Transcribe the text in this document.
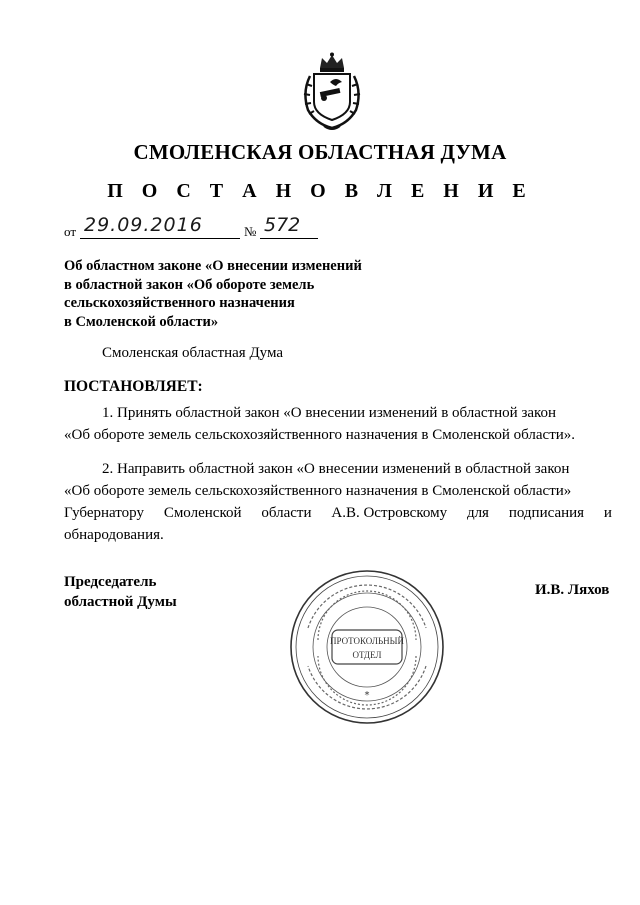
СМОЛЕНСКАЯ ОБЛАСТНАЯ ДУМА
П О С Т А Н О В Л Е Н И Е
от 29.09.2016	№ 572
Об областном законе «О внесении изменений
в областной закон «Об обороте земель
сельскохозяйственного назначения
в Смоленской области»
Смоленская областная Дума
ПОСТАНОВЛЯЕТ:
1. Принять областной закон «О внесении изменений в областной закон
«Об обороте земель сельскохозяйственного назначения в Смоленской области».
2. Направить областной закон «О внесении изменений в областной закон
«Об обороте земель сельскохозяйственного назначения в Смоленской области»
Губернатору Смоленской области А.В. Островскому для подписания и
обнародования.
Председатель
областной Думы
ПРОТОКОЛЬНЫЙ
ОТДЕЛ
*
И.В. Ляхов
